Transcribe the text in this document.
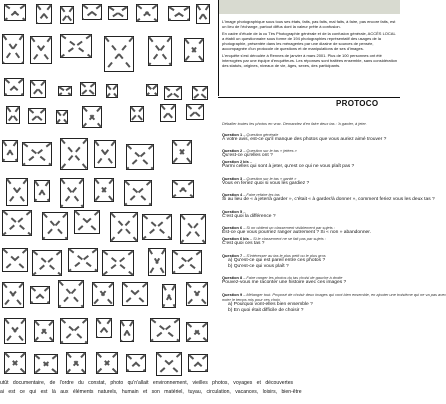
L'image photographique sous tous ses états, faits, pas faits, mal faits, à faire, pas encore faits, est un lieu de l'échange, partout diffus dont la valeur prête à confusion.

En cadre d'étude de la cu Tès Photographie générale et de la confusion générale, ACCÈS LOCAL a établi un questionnaire sous forme de 194 photographies représentatif des usages de la photographie, présentée dans les ménageries par une dizaine de sources de pensée, accompagnée d'un protocole de questions et de manipulations de ses d'images.

L'enquête s'est déroulée à Rennes de janvier à mars 2001. Plus de 100 personnes ont été interrogées par une équipe d'enquêteurs. Les réponses sont traitées ensemble, sans considération des statuts, origines, niveaux de vie, âges, sexes, des participants.

PROTOCO
Déballer toutes les photos en vrac. Demandez d'en faire deux tas : 'à garder, à jeter.
Question 1 – Question générale
À votre avis, est-ce qu'il manque des photos que vous auriez aimé trouver ?
Question 2 – Question sur le tas « jetées »
Qu'est-ce qu'elles ont ?
Question 2 bis –
Parmi celles qui sont à jeter, qu'est ce qui ne vous plaît pas ?
Question 3 – Question sur le tas « gardé »
Vous en feriez quoi si vous les gardiez ?
Question 4 – Faire refaire les tas
Si au lieu de « à jeter/à garder », c'était « à garder/à donner », comment feriez vous les deux tas ?
Question 5 –
C'est quoi la différence ?
Question 6 – Si on obtient un classement visiblement par sujets :
Est-ce que vous pourriez ranger autrement ? Si « non » abandonner.
Question 6 bis – Si le classement ne se fait pas par sujets :
C'est quoi ces tas ?
Question 7 – S'intéresser au tas le plus petit ou le plus gros
a) Qu'est-ce qui est pareil entre ces photos ?
b) Qu'est-ce qui vous plaît ?
Question 8 – Faire ranger les photos du tas choisi de gauche à droite
Pouvez-vous me raconter une histoire avec ces images ?
Question 9 – Mélanger tout. Proposé de choisir deux images qui vont bien ensemble, en ajouter une troisième qui ne va pas avec
noter le temps mis pour ces choix
a) Pourquoi vont-elles bien ensemble ?
b) En quoi était difficile de choisir ?
utût documentaire, de l'ordre du constat, photo qu'n'allait environnement, vieilles photos, voyages et découvertes
ai est ce qui est là aux éléments naturels, humain et son matériel, tuyau, circulation, vacances, loisirs, bien-être
